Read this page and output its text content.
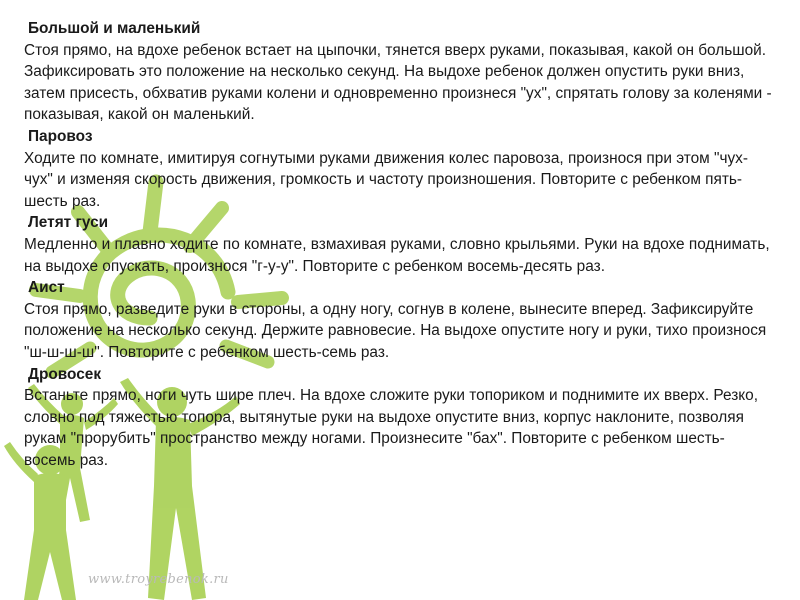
www.troyrebenok.ru

Большой и маленький

Стоя прямо, на вдохе ребенок встает на цыпочки, тянется вверх руками, показывая, какой он большой. Зафиксировать это положение на несколько секунд. На выдохе ребенок должен опустить руки вниз, затем присесть, обхватив руками колени и одновременно произнеся "ух", спрятать голову за коленями - показывая, какой он маленький.

Паровоз

Ходите по комнате, имитируя согнутыми руками движения колес паровоза, произнося при этом "чух-чух" и изменяя скорость движения, громкость и частоту произношения. Повторите с ребенком пять-шесть раз.

Летят гуси

Медленно и плавно ходите по комнате, взмахивая руками, словно крыльями. Руки на вдохе поднимать, на выдохе опускать, произнося "г-у-у". Повторите с ребенком восемь-десять раз.

Аист

Стоя прямо, разведите руки в стороны, а одну ногу, согнув в колене, вынесите вперед. Зафиксируйте положение на несколько секунд. Держите равновесие. На выдохе опустите ногу и руки, тихо произнося "ш-ш-ш-ш". Повторите с ребенком шесть-семь раз.

Дровосек

Встаньте прямо, ноги чуть шире плеч. На вдохе сложите руки топориком и поднимите их вверх. Резко, словно под тяжестью топора, вытянутые руки на выдохе опустите вниз, корпус наклоните, позволяя рукам "прорубить" пространство между ногами. Произнесите "бах". Повторите с ребенком шесть-восемь раз.
